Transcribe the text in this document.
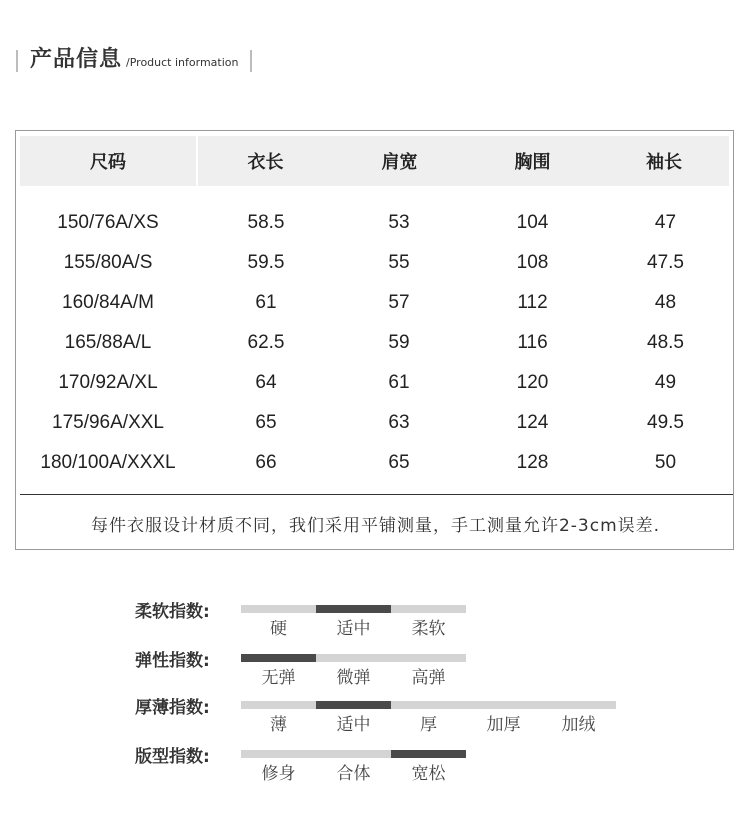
产品信息 /Product information
尺码	衣长	肩宽	胸围	袖长
150/76A/XS	58.5	53	104	47
155/80A/S	59.5	55	108	47.5
160/84A/M	61	57	112	48
165/88A/L	62.5	59	116	48.5
170/92A/XL	64	61	120	49
175/96A/XXL	65	63	124	49.5
180/100A/XXXL	66	65	128	50
每件衣服设计材质不同，我们采用平铺测量，手工测量允许2-3cm误差.
柔软指数:
硬	适中	柔软
弹性指数:
无弹	微弹	高弹
厚薄指数:
薄	适中	厚	加厚	加绒
版型指数:
修身	合体	宽松
